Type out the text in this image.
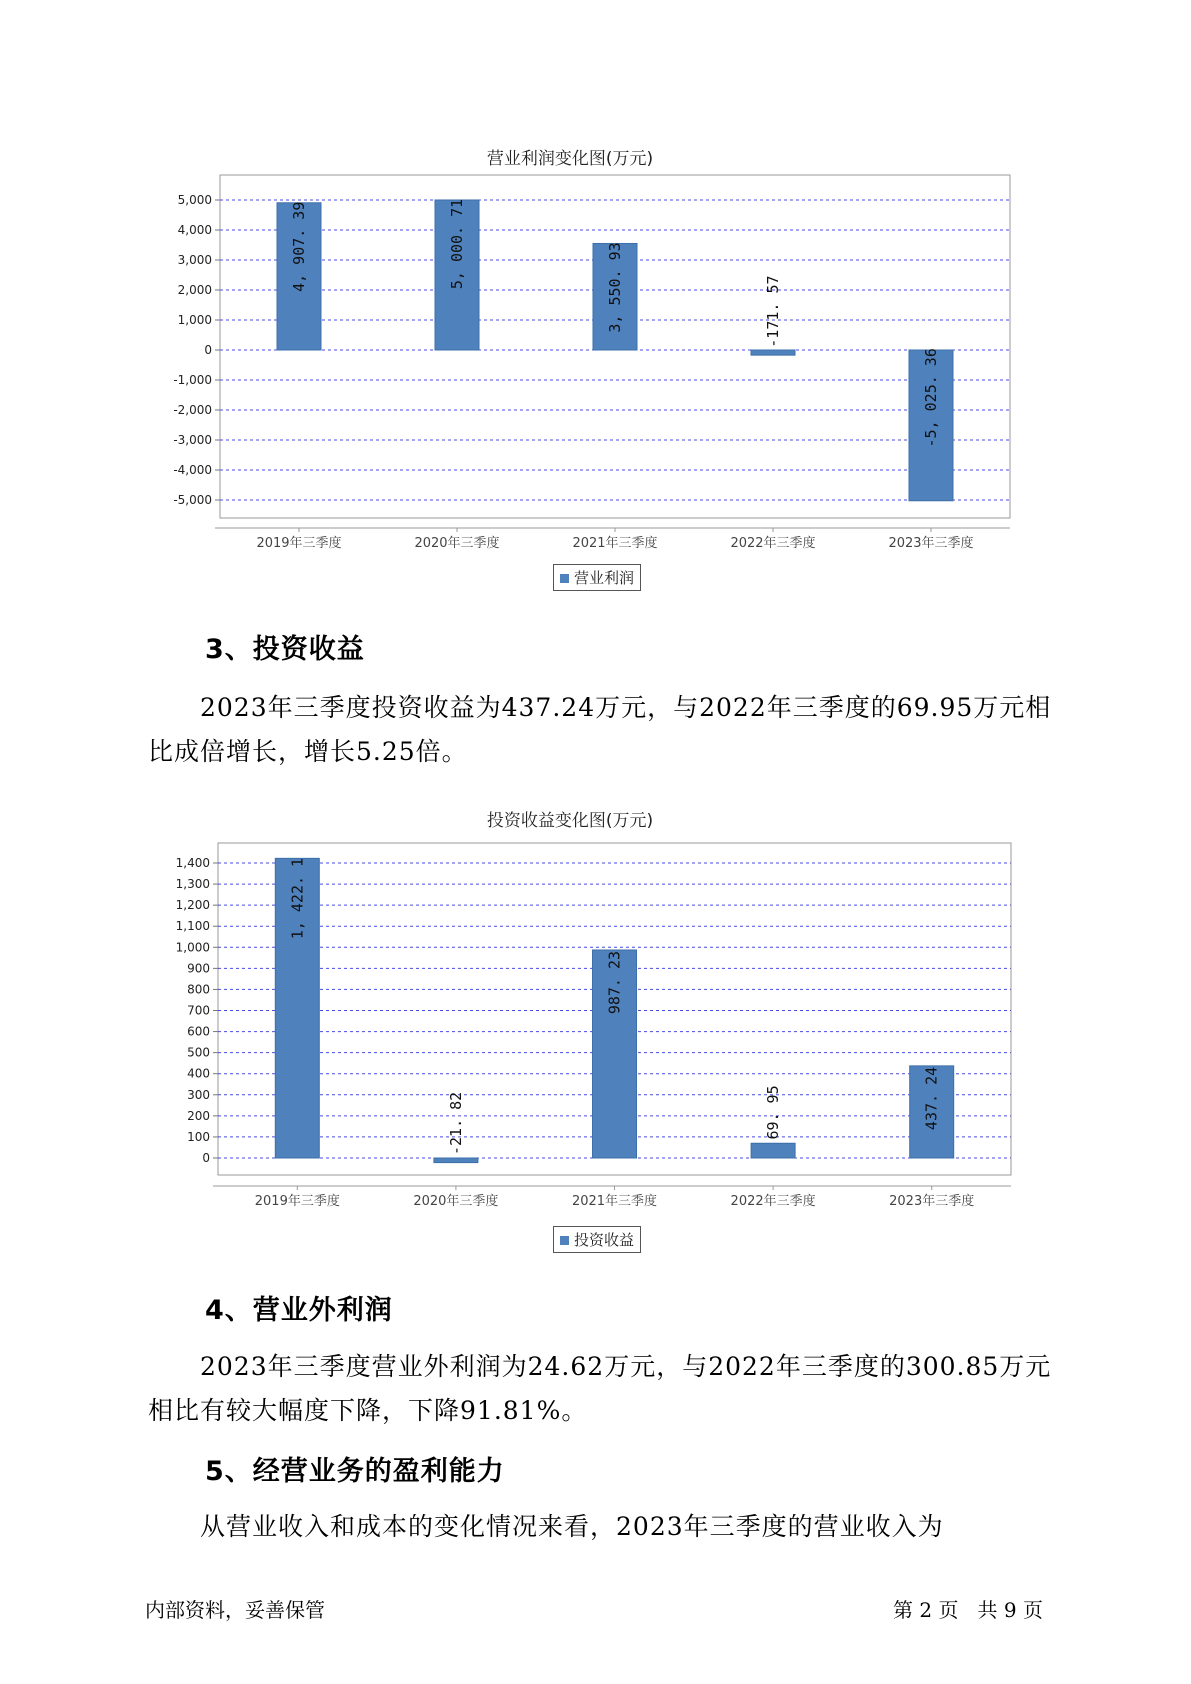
营业利润变化图(万元)
5,000
4,000
3,000
2,000
1,000
0
-1,000
-2,000
-3,000
-4,000
-5,000
2019年三季度
4, 907. 39
2020年三季度
5, 000. 71
2021年三季度
3, 550. 93
2022年三季度
-171. 57
2023年三季度
-5, 025. 36
营业利润
3、投资收益

2023年三季度投资收益为437.24万元，与2022年三季度的69.95万元相比成倍增长，增长5.25倍。

投资收益变化图(万元)
1,400
1,300
1,200
1,100
1,000
900
800
700
600
500
400
300
200
100
0
2019年三季度
1, 422. 1
2020年三季度
-21. 82
2021年三季度
987. 23
2022年三季度
69. 95
2023年三季度
437. 24
投资收益
4、营业外利润

2023年三季度营业外利润为24.62万元，与2022年三季度的300.85万元相比有较大幅度下降，下降91.81%。

5、经营业务的盈利能力

从营业收入和成本的变化情况来看，2023年三季度的营业收入为

内部资料，妥善保管	第 2 页   共 9 页
